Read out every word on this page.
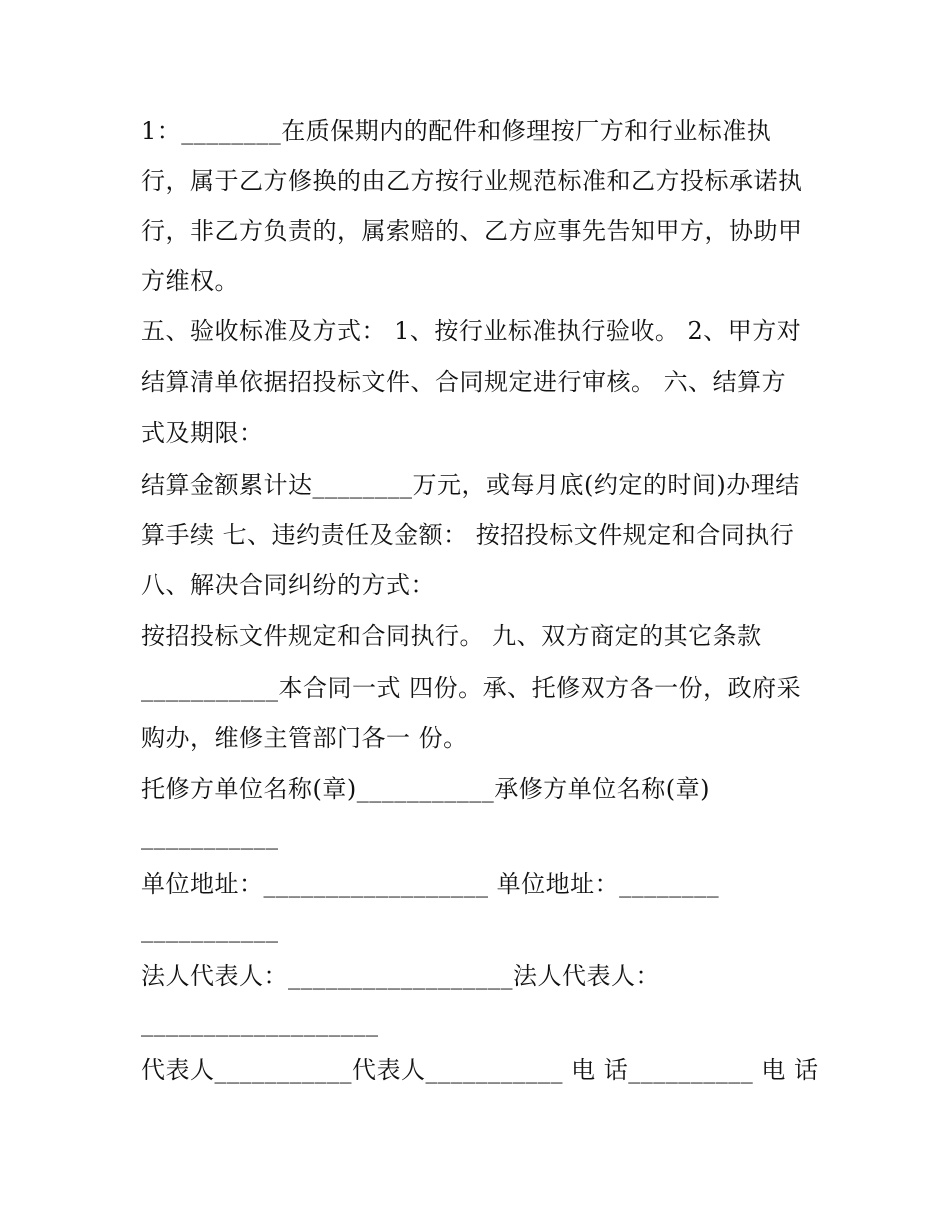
1：________在质保期内的配件和修理按厂方和行业标准执
行，属于乙方修换的由乙方按行业规范标准和乙方投标承诺执
行，非乙方负责的，属索赔的、乙方应事先告知甲方，协助甲
方维权。
五、验收标准及方式： 1、按行业标准执行验收。 2、甲方对
结算清单依据招投标文件、合同规定进行审核。 六、结算方
式及期限：
结算金额累计达________万元，或每月底(约定的时间)办理结
算手续 七、违约责任及金额： 按招投标文件规定和合同执行
八、解决合同纠纷的方式：
按招投标文件规定和合同执行。 九、双方商定的其它条款
___________本合同一式 四份。承、托修双方各一份，政府采
购办，维修主管部门各一 份。
托修方单位名称(章)___________承修方单位名称(章)
___________
单位地址：__________________ 单位地址：________
___________
法人代表人：__________________法人代表人：
___________________
代表人___________代表人___________ 电 话__________ 电 话
